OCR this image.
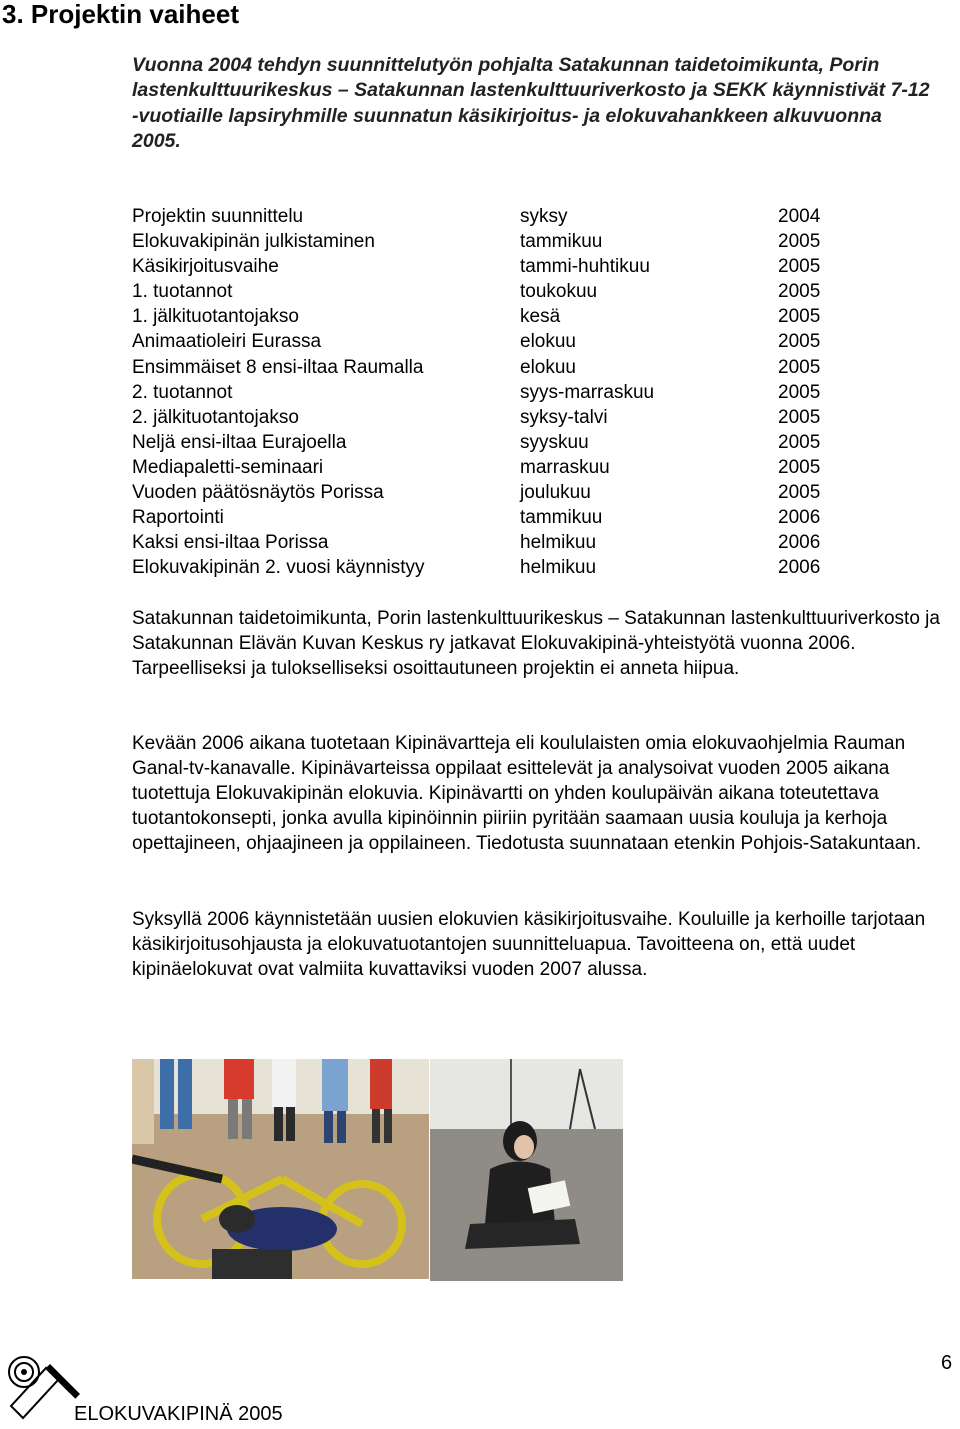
3. Projektin vaiheet

Vuonna 2004 tehdyn suunnittelutyön pohjalta Satakunnan taidetoimikunta, Porin lastenkulttuurikeskus – Satakunnan lastenkulttuuriverkosto ja SEKK käynnistivät 7-12 -vuotiaille lapsiryhmille suunnatun käsikirjoitus- ja elokuvahankkeen alkuvuonna 2005.

Projektin suunnittelu	syksy	2004
Elokuvakipinän julkistaminen	tammikuu	2005
Käsikirjoitusvaihe	tammi-huhtikuu	2005
1. tuotannot	toukokuu	2005
1. jälkituotantojakso	kesä	2005
Animaatioleiri Eurassa	elokuu	2005
Ensimmäiset 8 ensi-iltaa Raumalla	elokuu	2005
2. tuotannot	syys-marraskuu	2005
2. jälkituotantojakso	syksy-talvi	2005
Neljä ensi-iltaa Eurajoella	syyskuu	2005
Mediapaletti-seminaari	marraskuu	2005
Vuoden päätösnäytös Porissa	joulukuu	2005
Raportointi	tammikuu	2006
Kaksi ensi-iltaa Porissa	helmikuu	2006
Elokuvakipinän 2. vuosi käynnistyy	helmikuu	2006

Satakunnan taidetoimikunta, Porin lastenkulttuurikeskus – Satakunnan lastenkulttuuriverkosto ja Satakunnan Elävän Kuvan Keskus ry jatkavat Elokuvakipinä-yhteistyötä vuonna 2006. Tarpeelliseksi ja tulokselliseksi osoittautuneen projektin ei anneta hiipua.

Kevään 2006 aikana tuotetaan Kipinävartteja eli koululaisten omia elokuvaohjelmia Rauman Ganal-tv-kanavalle. Kipinävarteissa oppilaat esittelevät ja analysoivat vuoden 2005 aikana tuotettuja Elokuvakipinän elokuvia. Kipinävartti on yhden koulupäivän aikana toteutettava tuotantokonsepti, jonka avulla kipinöinnin piiriin pyritään saamaan uusia kouluja ja kerhoja opettajineen, ohjaajineen ja oppilaineen. Tiedotusta suunnataan etenkin Pohjois-Satakuntaan.

Syksyllä 2006 käynnistetään uusien elokuvien käsikirjoitusvaihe. Kouluille ja kerhoille tarjotaan käsikirjoitusohjausta ja elokuvatuotantojen suunnitteluapua. Tavoitteena on, että uudet kipinäelokuvat ovat valmiita kuvattaviksi vuoden 2007 alussa.

6
ELOKUVAKIPINÄ 2005
